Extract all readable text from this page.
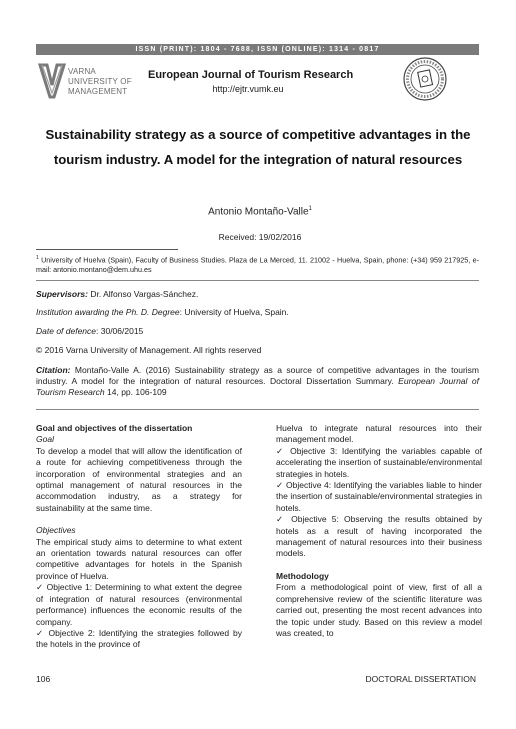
ISSN (PRINT): 1804 - 7688, ISSN (ONLINE): 1314 - 0817
VARNA
UNIVERSITY OF
MANAGEMENT
European Journal of Tourism Research
http://ejtr.vumk.eu
Sustainability strategy as a source of competitive advantages in the tourism industry. A model for the integration of natural resources
Antonio Montaño-Valle$^1$
Received: 19/02/2016
$^1$ University of Huelva (Spain), Faculty of Business Studies. Plaza de La Merced, 11. 21002 - Huelva, Spain, phone: (+34) 959 217925, e-mail: antonio.montano@dem.uhu.es
Supervisors: Dr. Alfonso Vargas-Sánchez.
Institution awarding the Ph. D. Degree: University of Huelva, Spain.
Date of defence: 30/06/2015
© 2016 Varna University of Management. All rights reserved
Citation: Montaño-Valle A. (2016) Sustainability strategy as a source of competitive advantages in the tourism industry. A model for the integration of natural resources. Doctoral Dissertation Summary. European Journal of Tourism Research 14, pp. 106-109

Goal and objectives of the dissertation

Goal

To develop a model that will allow the identification of a route for achieving competitiveness through the incorporation of environmental strategies and an optimal management of natural resources in the accommodation industry, as a strategy for sustainability at the same time.

Objectives

The empirical study aims to determine to what extent an orientation towards natural resources can offer competitive advantages for hotels in the Spanish province of Huelva.

✓ Objective 1: Determining to what extent the degree of integration of natural resources (environmental performance) influences the economic results of the company.

✓ Objective 2: Identifying the strategies followed by the hotels in the province of

Huelva to integrate natural resources into their management model.

✓ Objective 3: Identifying the variables capable of accelerating the insertion of sustainable/environmental strategies in hotels.

✓ Objective 4: Identifying the variables liable to hinder the insertion of sustainable/environmental strategies in hotels.

✓ Objective 5: Observing the results obtained by hotels as a result of having incorporated the management of natural resources into their business models.

Methodology

From a methodological point of view, first of all a comprehensive review of the scientific literature was carried out, presenting the most recent advances into the topic under study. Based on this review a model was created, to

106	DOCTORAL DISSERTATION
